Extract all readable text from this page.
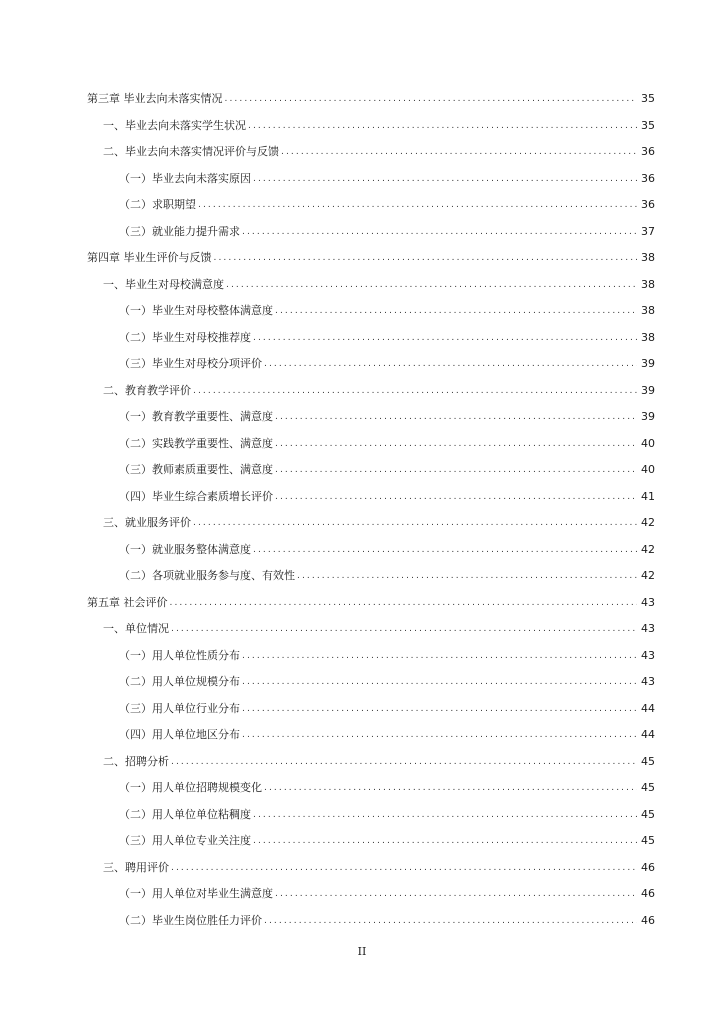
第三章 毕业去向未落实情况 .....	35
一、毕业去向未落实学生状况 .....	35
二、毕业去向未落实情况评价与反馈 .....	36
（一）毕业去向未落实原因 .....	36
（二）求职期望 .....	36
（三）就业能力提升需求 .....	37
第四章 毕业生评价与反馈 .....	38
一、毕业生对母校满意度 .....	38
（一）毕业生对母校整体满意度 .....	38
（二）毕业生对母校推荐度 .....	38
（三）毕业生对母校分项评价 .....	39
二、教育教学评价 .....	39
（一）教育教学重要性、满意度 .....	39
（二）实践教学重要性、满意度 .....	40
（三）教师素质重要性、满意度 .....	40
（四）毕业生综合素质增长评价 .....	41
三、就业服务评价 .....	42
（一）就业服务整体满意度 .....	42
（二）各项就业服务参与度、有效性 .....	42
第五章 社会评价 .....	43
一、单位情况 .....	43
（一）用人单位性质分布 .....	43
（二）用人单位规模分布 .....	43
（三）用人单位行业分布 .....	44
（四）用人单位地区分布 .....	44
二、招聘分析 .....	45
（一）用人单位招聘规模变化 .....	45
（二）用人单位单位粘稠度 .....	45
（三）用人单位专业关注度 .....	45
三、聘用评价 .....	46
（一）用人单位对毕业生满意度 .....	46
（二）毕业生岗位胜任力评价 .....	46
II
